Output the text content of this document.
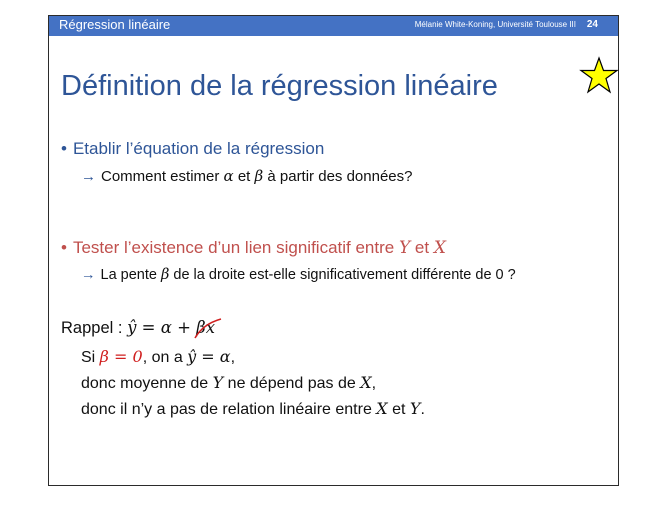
Régression linéaire	Mélanie White-Koning, Université Toulouse III 24
Définition de la régression linéaire
• Etablir l’équation de la régression
→ Comment estimer α et β à partir des données?
• Tester l’existence d’un lien significatif entre Y et X
→ La pente β de la droite est-elle significativement différente de 0 ?
Rappel : ŷ = α + βx
Si β = 0, on a ŷ = α,
donc moyenne de Y ne dépend pas de X,
donc il n’y a pas de relation linéaire entre X et Y.
